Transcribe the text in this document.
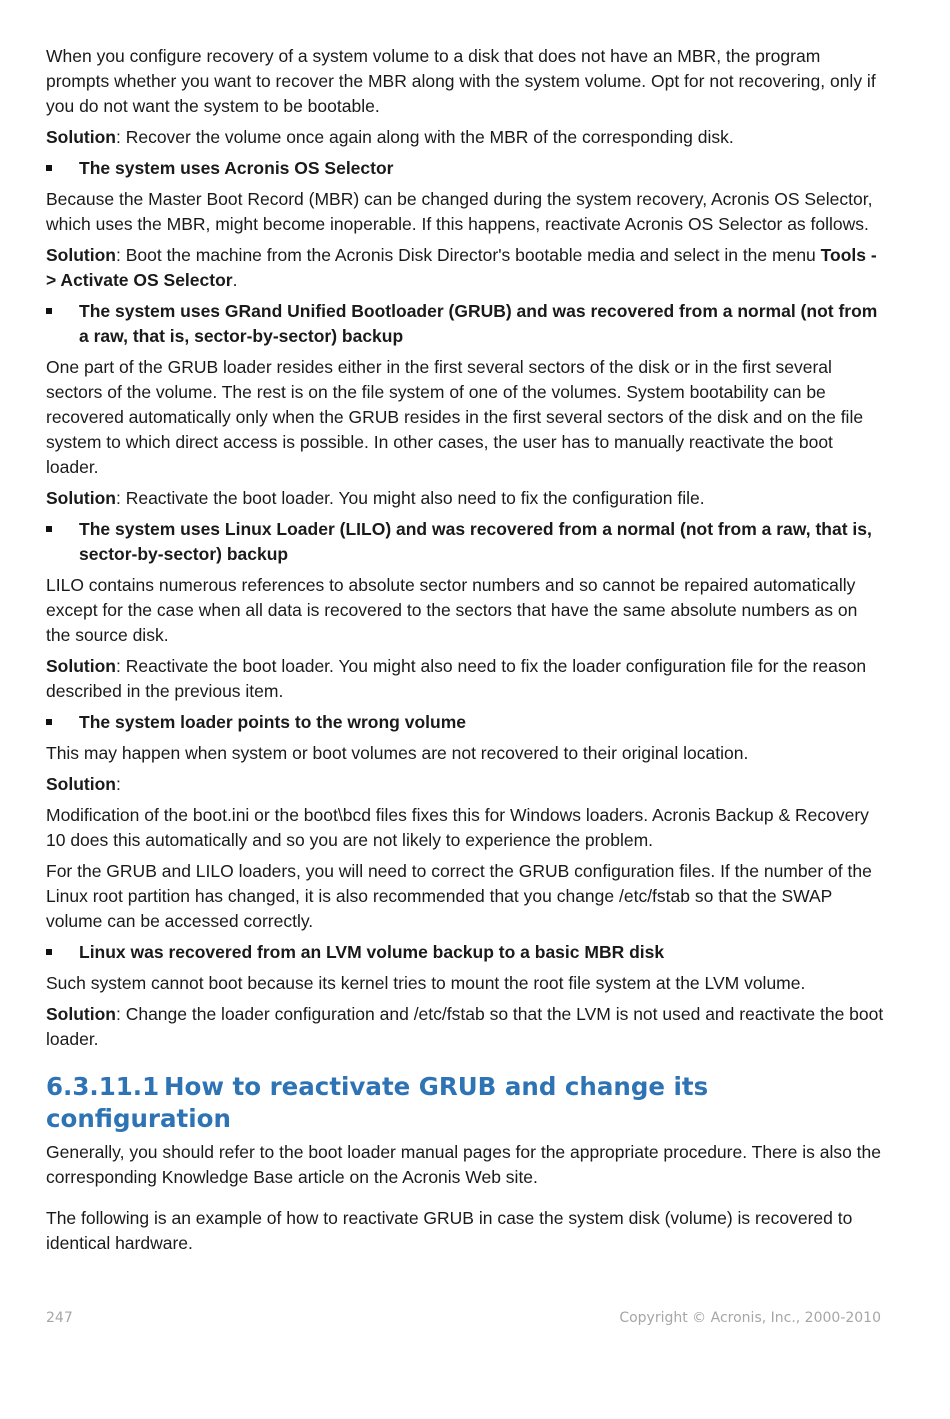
When you configure recovery of a system volume to a disk that does not have an MBR, the program prompts whether you want to recover the MBR along with the system volume. Opt for not recovering, only if you do not want the system to be bootable.

Solution: Recover the volume once again along with the MBR of the corresponding disk.

The system uses Acronis OS Selector

Because the Master Boot Record (MBR) can be changed during the system recovery, Acronis OS Selector, which uses the MBR, might become inoperable. If this happens, reactivate Acronis OS Selector as follows.

Solution: Boot the machine from the Acronis Disk Director's bootable media and select in the menu Tools -> Activate OS Selector.

The system uses GRand Unified Bootloader (GRUB) and was recovered from a normal (not from a raw, that is, sector-by-sector) backup

One part of the GRUB loader resides either in the first several sectors of the disk or in the first several sectors of the volume. The rest is on the file system of one of the volumes. System bootability can be recovered automatically only when the GRUB resides in the first several sectors of the disk and on the file system to which direct access is possible. In other cases, the user has to manually reactivate the boot loader.

Solution: Reactivate the boot loader. You might also need to fix the configuration file.

The system uses Linux Loader (LILO) and was recovered from a normal (not from a raw, that is, sector-by-sector) backup

LILO contains numerous references to absolute sector numbers and so cannot be repaired automatically except for the case when all data is recovered to the sectors that have the same absolute numbers as on the source disk.

Solution: Reactivate the boot loader. You might also need to fix the loader configuration file for the reason described in the previous item.

The system loader points to the wrong volume

This may happen when system or boot volumes are not recovered to their original location.

Solution:

Modification of the boot.ini or the boot\bcd files fixes this for Windows loaders. Acronis Backup & Recovery 10 does this automatically and so you are not likely to experience the problem.

For the GRUB and LILO loaders, you will need to correct the GRUB configuration files. If the number of the Linux root partition has changed, it is also recommended that you change /etc/fstab so that the SWAP volume can be accessed correctly.

Linux was recovered from an LVM volume backup to a basic MBR disk

Such system cannot boot because its kernel tries to mount the root file system at the LVM volume.

Solution: Change the loader configuration and /etc/fstab so that the LVM is not used and reactivate the boot loader.

6.3.11.1 How to reactivate GRUB and change its configuration

Generally, you should refer to the boot loader manual pages for the appropriate procedure. There is also the corresponding Knowledge Base article on the Acronis Web site.

The following is an example of how to reactivate GRUB in case the system disk (volume) is recovered to identical hardware.

247	Copyright © Acronis, Inc., 2000-2010
